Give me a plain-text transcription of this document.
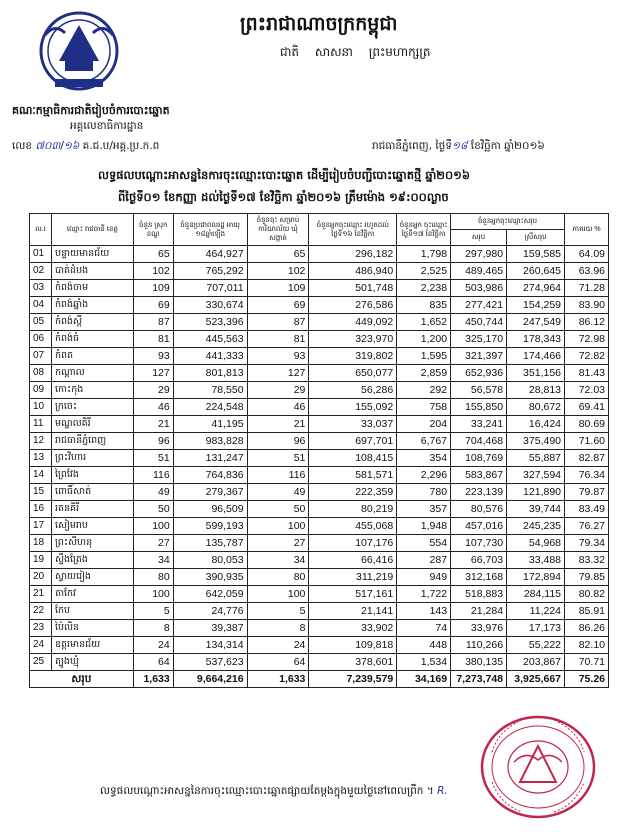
ព្រះរាជាណាចក្រកម្ពុជា
ជាតិ សាសនា ព្រះមហាក្សត្រ
គណៈកម្មាធិការជាតិរៀបចំការបោះឆ្នោត
អគ្គលេខាធិការដ្ឋាន
លេខ ៧០៣/១៦ គ.ជ.ប/អគ្គ.ប្រ.ក.ព	រាជធានីភ្នំពេញ, ថ្ងៃទី១៨ ខែវិច្ឆិកា ឆ្នាំ២០១៦
លទ្ធផលបណ្ដោះអាសន្ននៃការចុះឈ្មោះបោះឆ្នោត ដើម្បីរៀបចំបញ្ជីបោះឆ្នោតថ្មី ឆ្នាំ២០១៦
ពីថ្ងៃទី០១ ខែកញ្ញា ដល់ថ្ងៃទី១៧ ខែវិច្ឆិកា ឆ្នាំ២០១៦ ត្រឹមម៉ោង ១៩:០០ល្ងាច
ល.រ	ឈ្មោះ រាជធានី ខេត្ត	ចំនួន ស្រុក ខណ្ឌ	ចំនួនប្រជាពលរដ្ឋ អាយុ ១៨ឆ្នាំឡើង	ចំនួនចុះ សម្រាប់ ការិយាល័យ ឃុំ សង្កាត់	ចំនួនអ្នកចុះឈ្មោះ រហូតដល់ថ្ងៃទី១៦ ខែវិច្ឆិកា	ចំនួនអ្នក ចុះឈ្មោះ ថ្ងៃទី១៧ ខែវិច្ឆិកា	ចំនួនអ្នកចុះឈ្មោះសរុប		ភាគរយ %
							សរុប	ស្រីសរុប	
01	បន្ទាយមានជ័យ	65	464,927	65	296,182	1,798	297,980	159,585	64.09
02	បាត់ដំបង	102	765,292	102	486,940	2,525	489,465	260,645	63.96
03	កំពង់ចាម	109	707,011	109	501,748	2,238	503,986	274,964	71.28
04	កំពង់ឆ្នាំង	69	330,674	69	276,586	835	277,421	154,259	83.90
05	កំពង់ស្ពឺ	87	523,396	87	449,092	1,652	450,744	247,549	86.12
06	កំពង់ធំ	81	445,563	81	323,970	1,200	325,170	178,343	72.98
07	កំពត	93	441,333	93	319,802	1,595	321,397	174,466	72.82
08	កណ្ដាល	127	801,813	127	650,077	2,859	652,936	351,156	81.43
09	កោះកុង	29	78,550	29	56,286	292	56,578	28,813	72.03
10	ក្រចេះ	46	224,548	46	155,092	758	155,850	80,672	69.41
11	មណ្ឌលគិរី	21	41,195	21	33,037	204	33,241	16,424	80.69
12	រាជធានីភ្នំពេញ	96	983,828	96	697,701	6,767	704,468	375,490	71.60
13	ព្រះវិហារ	51	131,247	51	108,415	354	108,769	55,887	82.87
14	ព្រៃវែង	116	764,836	116	581,571	2,296	583,867	327,594	76.34
15	ពោធិ៍សាត់	49	279,367	49	222,359	780	223,139	121,890	79.87
16	រតនគិរី	50	96,509	50	80,219	357	80,576	39,744	83.49
17	សៀមរាប	100	599,193	100	455,068	1,948	457,016	245,235	76.27
18	ព្រះសីហនុ	27	135,787	27	107,176	554	107,730	54,968	79.34
19	ស្ទឹងត្រែង	34	80,053	34	66,416	287	66,703	33,488	83.32
20	ស្វាយរៀង	80	390,935	80	311,219	949	312,168	172,894	79.85
21	តាកែវ	100	642,059	100	517,161	1,722	518,883	284,115	80.82
22	កែប	5	24,776	5	21,141	143	21,284	11,224	85.91
23	ប៉ៃលិន	8	39,387	8	33,902	74	33,976	17,173	86.26
24	ឧត្ដរមានជ័យ	24	134,314	24	109,818	448	110,266	55,222	82.10
25	ត្បូងឃ្មុំ	64	537,623	64	378,601	1,534	380,135	203,867	70.71
សរុប		1,633	9,664,216	1,633	7,239,579	34,169	7,273,748	3,925,667	75.26
លទ្ធផលបណ្ដោះអាសន្ននៃការចុះឈ្មោះបោះឆ្នោតផ្សាយតែម្ដងក្នុងមួយថ្ងៃនៅពេលព្រឹក ។ R.
